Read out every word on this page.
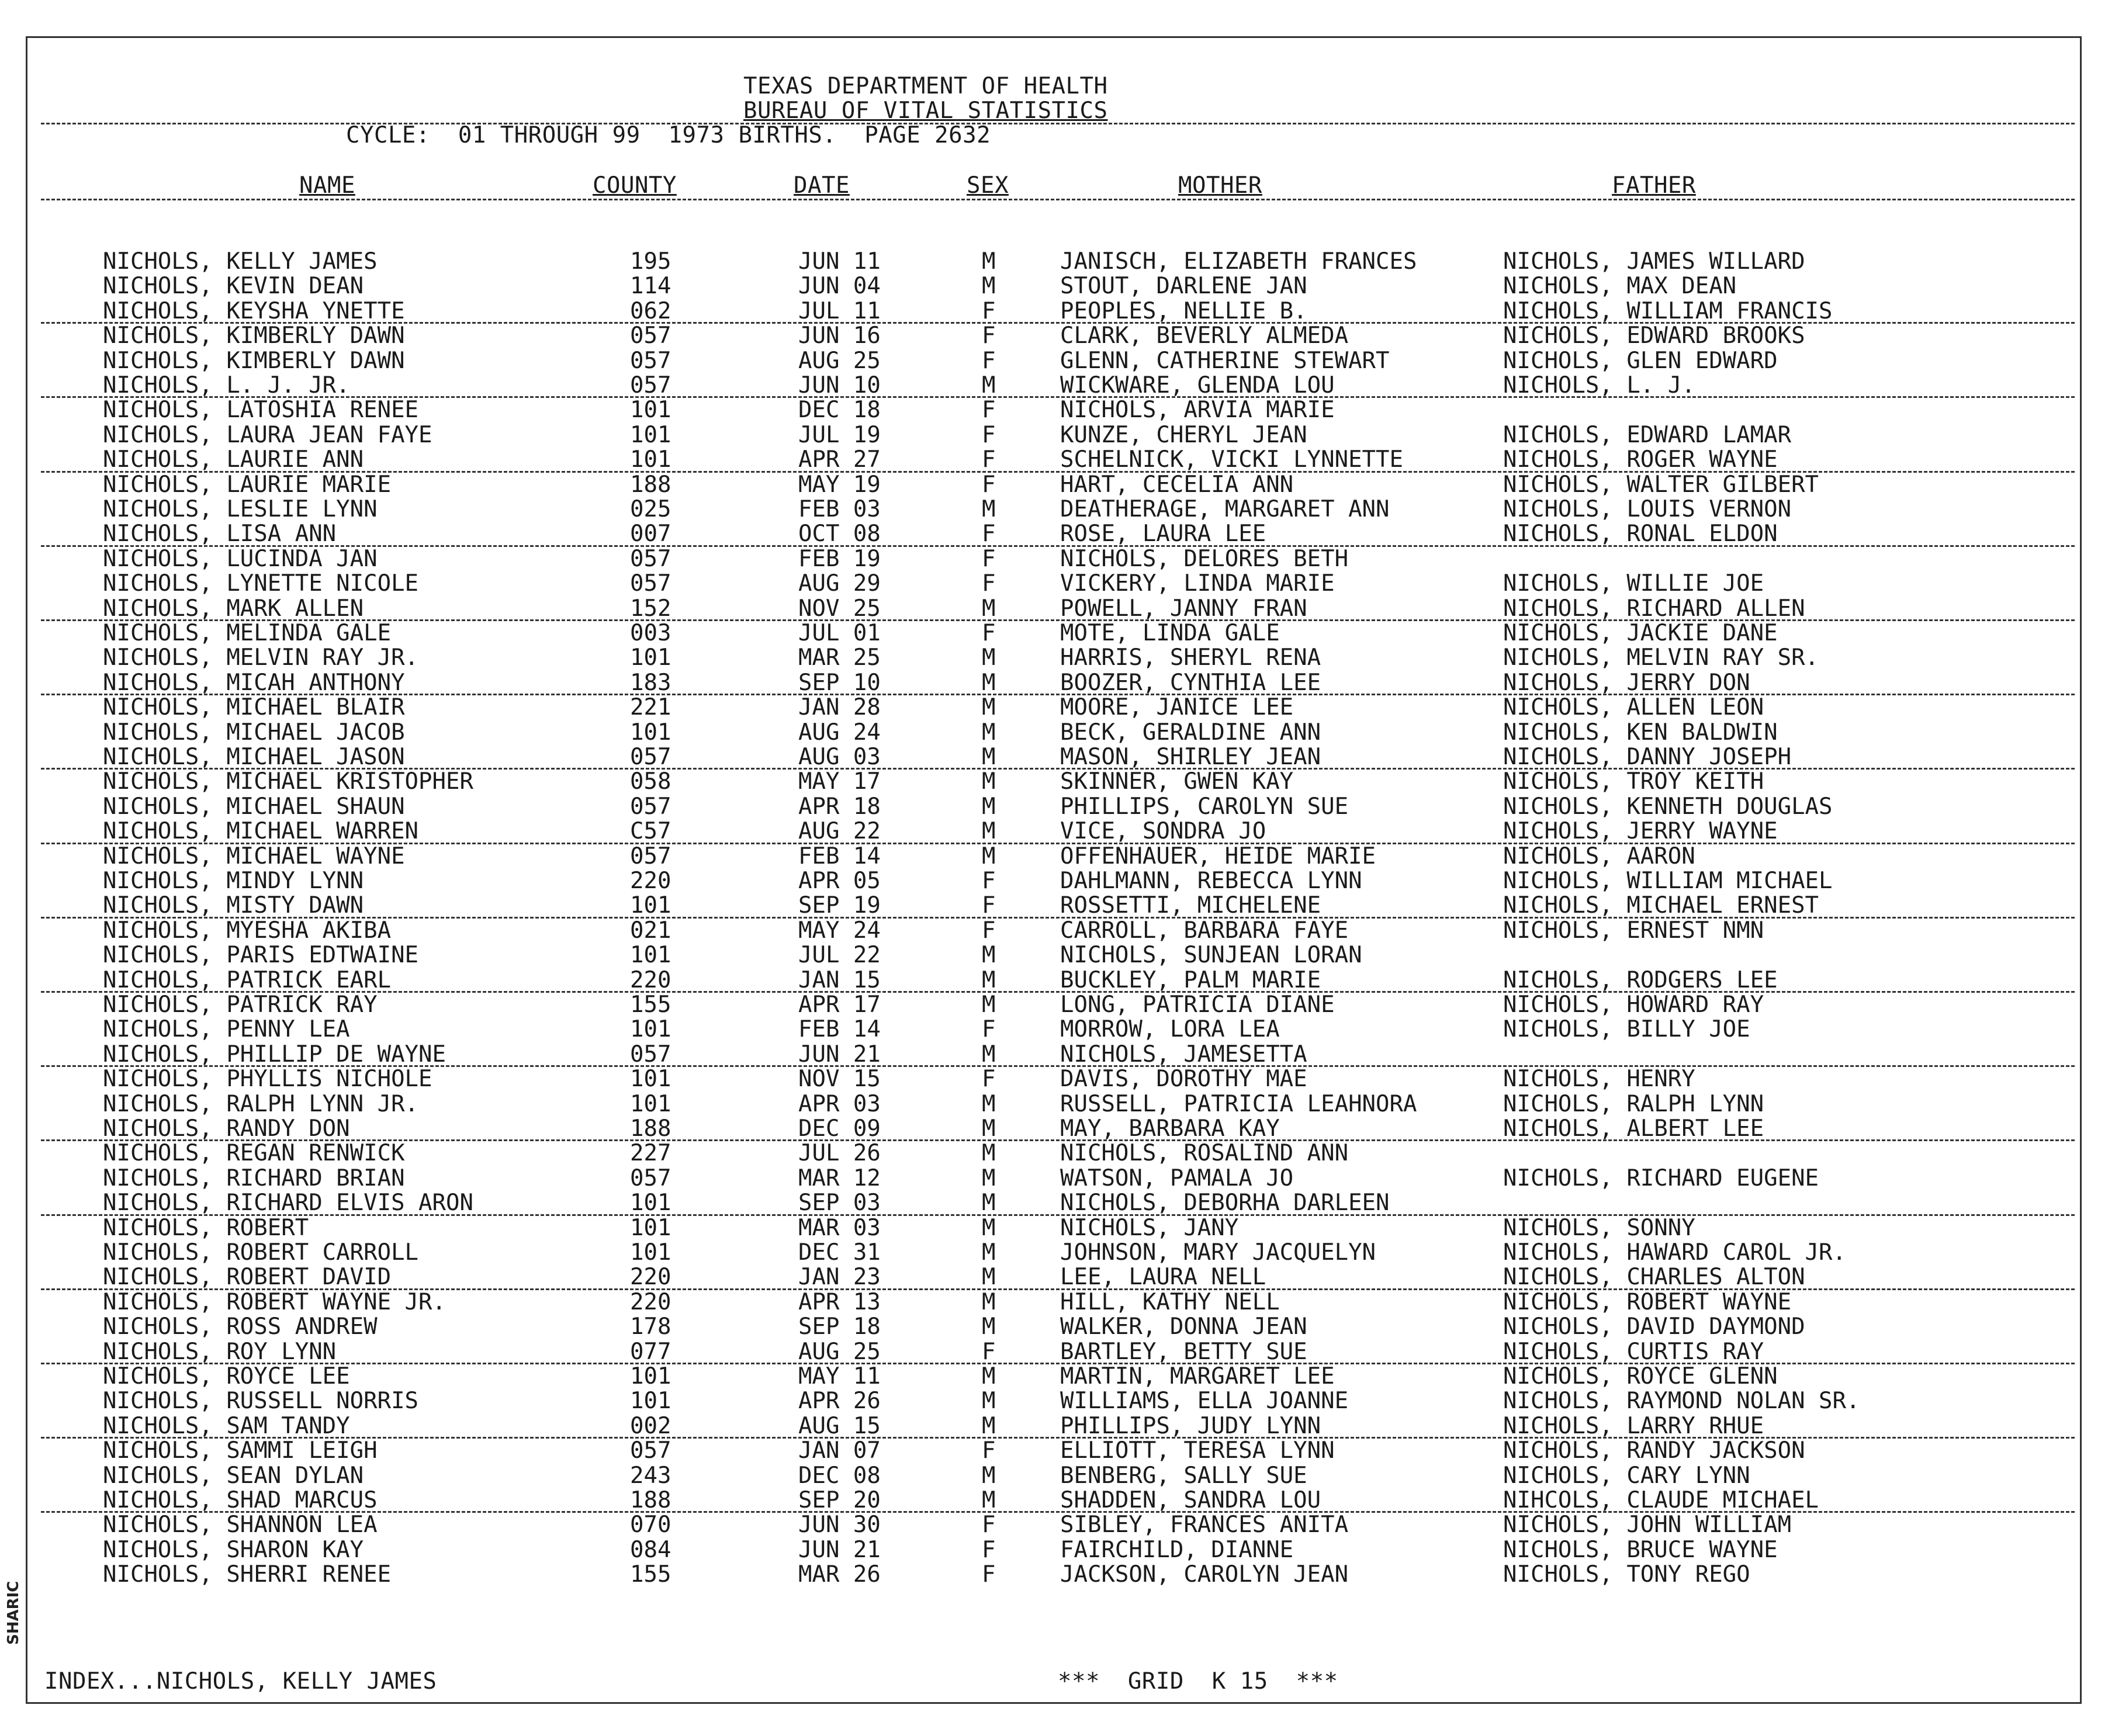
SHARIC
TEXAS DEPARTMENT OF HEALTH
BUREAU OF VITAL STATISTICS
CYCLE:  01 THROUGH 99  1973 BIRTHS.  PAGE 2632
NAME	COUNTY	DATE	SEX	MOTHER	FATHER
NICHOLS, KELLY JAMES	195	JUN 11	M	JANISCH, ELIZABETH FRANCES	NICHOLS, JAMES WILLARD
NICHOLS, KEVIN DEAN	114	JUN 04	M	STOUT, DARLENE JAN	NICHOLS, MAX DEAN
NICHOLS, KEYSHA YNETTE	062	JUL 11	F	PEOPLES, NELLIE B.	NICHOLS, WILLIAM FRANCIS
NICHOLS, KIMBERLY DAWN	057	JUN 16	F	CLARK, BEVERLY ALMEDA	NICHOLS, EDWARD BROOKS
NICHOLS, KIMBERLY DAWN	057	AUG 25	F	GLENN, CATHERINE STEWART	NICHOLS, GLEN EDWARD
NICHOLS, L. J. JR.	057	JUN 10	M	WICKWARE, GLENDA LOU	NICHOLS, L. J.
NICHOLS, LATOSHIA RENEE	101	DEC 18	F	NICHOLS, ARVIA MARIE
NICHOLS, LAURA JEAN FAYE	101	JUL 19	F	KUNZE, CHERYL JEAN	NICHOLS, EDWARD LAMAR
NICHOLS, LAURIE ANN	101	APR 27	F	SCHELNICK, VICKI LYNNETTE	NICHOLS, ROGER WAYNE
NICHOLS, LAURIE MARIE	188	MAY 19	F	HART, CECELIA ANN	NICHOLS, WALTER GILBERT
NICHOLS, LESLIE LYNN	025	FEB 03	M	DEATHERAGE, MARGARET ANN	NICHOLS, LOUIS VERNON
NICHOLS, LISA ANN	007	OCT 08	F	ROSE, LAURA LEE	NICHOLS, RONAL ELDON
NICHOLS, LUCINDA JAN	057	FEB 19	F	NICHOLS, DELORES BETH
NICHOLS, LYNETTE NICOLE	057	AUG 29	F	VICKERY, LINDA MARIE	NICHOLS, WILLIE JOE
NICHOLS, MARK ALLEN	152	NOV 25	M	POWELL, JANNY FRAN	NICHOLS, RICHARD ALLEN
NICHOLS, MELINDA GALE	003	JUL 01	F	MOTE, LINDA GALE	NICHOLS, JACKIE DANE
NICHOLS, MELVIN RAY JR.	101	MAR 25	M	HARRIS, SHERYL RENA	NICHOLS, MELVIN RAY SR.
NICHOLS, MICAH ANTHONY	183	SEP 10	M	BOOZER, CYNTHIA LEE	NICHOLS, JERRY DON
NICHOLS, MICHAEL BLAIR	221	JAN 28	M	MOORE, JANICE LEE	NICHOLS, ALLEN LEON
NICHOLS, MICHAEL JACOB	101	AUG 24	M	BECK, GERALDINE ANN	NICHOLS, KEN BALDWIN
NICHOLS, MICHAEL JASON	057	AUG 03	M	MASON, SHIRLEY JEAN	NICHOLS, DANNY JOSEPH
NICHOLS, MICHAEL KRISTOPHER	058	MAY 17	M	SKINNER, GWEN KAY	NICHOLS, TROY KEITH
NICHOLS, MICHAEL SHAUN	057	APR 18	M	PHILLIPS, CAROLYN SUE	NICHOLS, KENNETH DOUGLAS
NICHOLS, MICHAEL WARREN	C57	AUG 22	M	VICE, SONDRA JO	NICHOLS, JERRY WAYNE
NICHOLS, MICHAEL WAYNE	057	FEB 14	M	OFFENHAUER, HEIDE MARIE	NICHOLS, AARON
NICHOLS, MINDY LYNN	220	APR 05	F	DAHLMANN, REBECCA LYNN	NICHOLS, WILLIAM MICHAEL
NICHOLS, MISTY DAWN	101	SEP 19	F	ROSSETTI, MICHELENE	NICHOLS, MICHAEL ERNEST
NICHOLS, MYESHA AKIBA	021	MAY 24	F	CARROLL, BARBARA FAYE	NICHOLS, ERNEST NMN
NICHOLS, PARIS EDTWAINE	101	JUL 22	M	NICHOLS, SUNJEAN LORAN
NICHOLS, PATRICK EARL	220	JAN 15	M	BUCKLEY, PALM MARIE	NICHOLS, RODGERS LEE
NICHOLS, PATRICK RAY	155	APR 17	M	LONG, PATRICIA DIANE	NICHOLS, HOWARD RAY
NICHOLS, PENNY LEA	101	FEB 14	F	MORROW, LORA LEA	NICHOLS, BILLY JOE
NICHOLS, PHILLIP DE WAYNE	057	JUN 21	M	NICHOLS, JAMESETTA
NICHOLS, PHYLLIS NICHOLE	101	NOV 15	F	DAVIS, DOROTHY MAE	NICHOLS, HENRY
NICHOLS, RALPH LYNN JR.	101	APR 03	M	RUSSELL, PATRICIA LEAHNORA	NICHOLS, RALPH LYNN
NICHOLS, RANDY DON	188	DEC 09	M	MAY, BARBARA KAY	NICHOLS, ALBERT LEE
NICHOLS, REGAN RENWICK	227	JUL 26	M	NICHOLS, ROSALIND ANN
NICHOLS, RICHARD BRIAN	057	MAR 12	M	WATSON, PAMALA JO	NICHOLS, RICHARD EUGENE
NICHOLS, RICHARD ELVIS ARON	101	SEP 03	M	NICHOLS, DEBORHA DARLEEN
NICHOLS, ROBERT	101	MAR 03	M	NICHOLS, JANY	NICHOLS, SONNY
NICHOLS, ROBERT CARROLL	101	DEC 31	M	JOHNSON, MARY JACQUELYN	NICHOLS, HAWARD CAROL JR.
NICHOLS, ROBERT DAVID	220	JAN 23	M	LEE, LAURA NELL	NICHOLS, CHARLES ALTON
NICHOLS, ROBERT WAYNE JR.	220	APR 13	M	HILL, KATHY NELL	NICHOLS, ROBERT WAYNE
NICHOLS, ROSS ANDREW	178	SEP 18	M	WALKER, DONNA JEAN	NICHOLS, DAVID DAYMOND
NICHOLS, ROY LYNN	077	AUG 25	F	BARTLEY, BETTY SUE	NICHOLS, CURTIS RAY
NICHOLS, ROYCE LEE	101	MAY 11	M	MARTIN, MARGARET LEE	NICHOLS, ROYCE GLENN
NICHOLS, RUSSELL NORRIS	101	APR 26	M	WILLIAMS, ELLA JOANNE	NICHOLS, RAYMOND NOLAN SR.
NICHOLS, SAM TANDY	002	AUG 15	M	PHILLIPS, JUDY LYNN	NICHOLS, LARRY RHUE
NICHOLS, SAMMI LEIGH	057	JAN 07	F	ELLIOTT, TERESA LYNN	NICHOLS, RANDY JACKSON
NICHOLS, SEAN DYLAN	243	DEC 08	M	BENBERG, SALLY SUE	NICHOLS, CARY LYNN
NICHOLS, SHAD MARCUS	188	SEP 20	M	SHADDEN, SANDRA LOU	NIHCOLS, CLAUDE MICHAEL
NICHOLS, SHANNON LEA	070	JUN 30	F	SIBLEY, FRANCES ANITA	NICHOLS, JOHN WILLIAM
NICHOLS, SHARON KAY	084	JUN 21	F	FAIRCHILD, DIANNE	NICHOLS, BRUCE WAYNE
NICHOLS, SHERRI RENEE	155	MAR 26	F	JACKSON, CAROLYN JEAN	NICHOLS, TONY REGO
INDEX...NICHOLS, KELLY JAMES	***  GRID  K 15  ***
